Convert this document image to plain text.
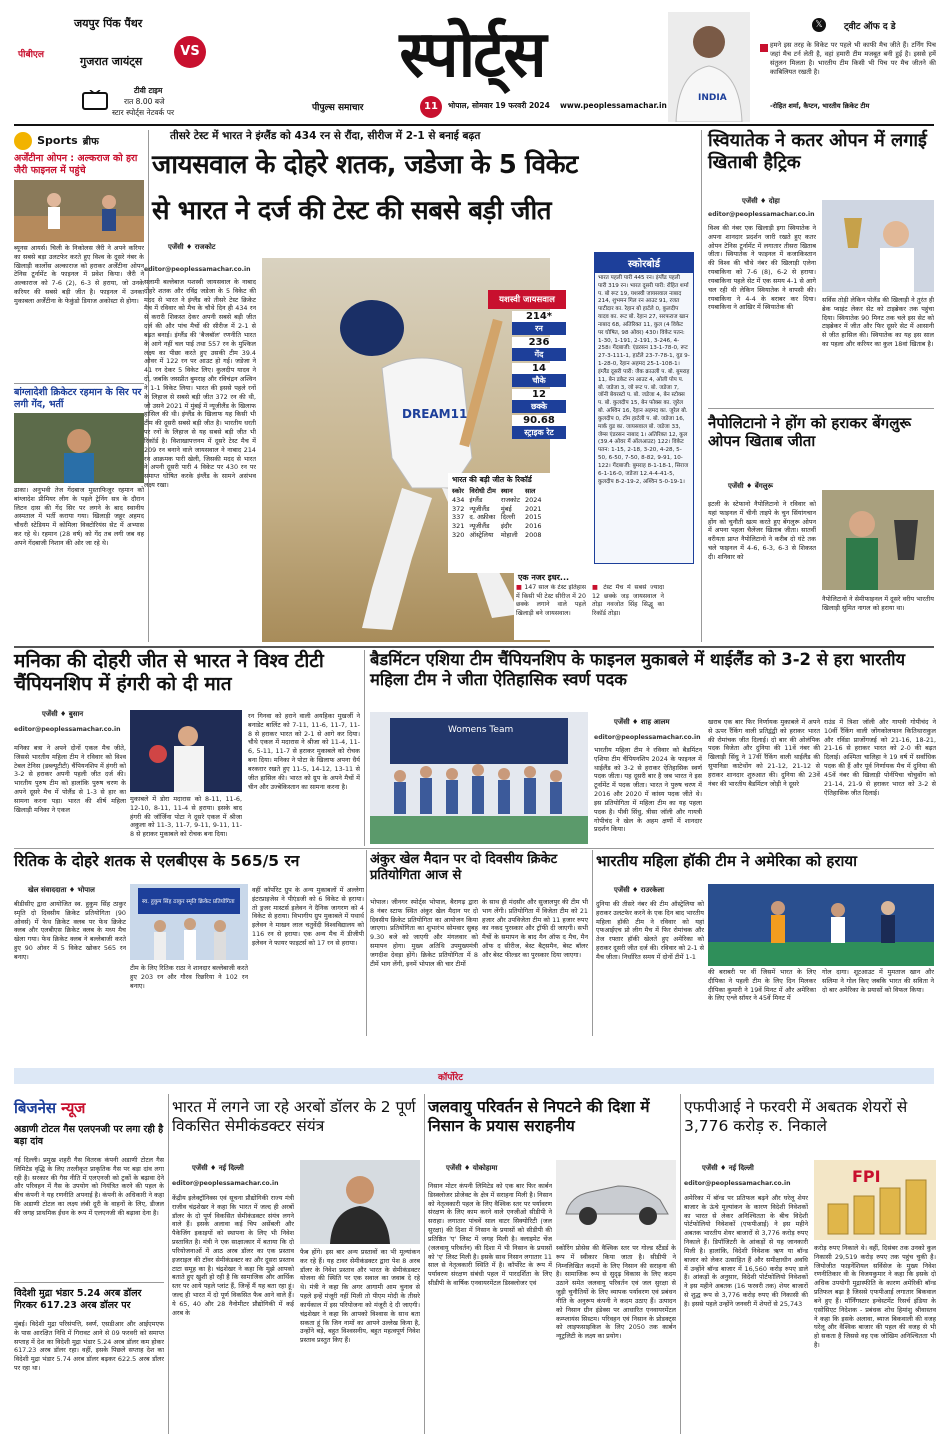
पीबीएल
जयपुर पिंक पैंथर
VS
गुजरात जायंट्स
टीवी टाइम
रात 8.00 बजे
स्टार स्पोर्ट्स नेटवर्क पर
स्पोर्ट्स
पीपुल्स समाचार	11	भोपाल, सोमवार 19 फरवरी 2024 www.peoplessamachar.in
INDIA
𝕏	ट्वीट ऑफ द डे
हमने इस तरह के विकेट पर पहले भी काफी मैच जीते हैं। टर्निंग पिच जहां मैच टर्न लेती है, वहां हमारी टीम मजबूत बनी हुई है। इससे हमें संतुलन मिलता है। भारतीय टीम किसी भी पिच पर मैच जीतने की काबिलियत रखती है।
-रोहित शर्मा, कैप्टन, भारतीय क्रिकेट टीम
Sports ब्रीफ
अर्जेंटीना ओपन : अल्कराज को हरा जैरी फाइनल में पहुंचे
ब्यूनस आयर्स। चिली के निकोलस जैरी ने अपने करियर का सबसे बड़ा उलटफेर करते हुए विश्व के दूसरे नंबर के खिलाड़ी कार्लोस अल्काराज को हराकर अर्जेंटीना ओपन टेनिस टूर्नामेंट के फाइनल में प्रवेश किया। जैरी ने अल्काराज को 7-6 (2), 6-3 से हराया, जो उनके करियर की सबसे बड़ी जीत है। फाइनल में उनका मुकाबला अर्जेंटीना के फेकुंडो डियाज अकोस्टा से होगा।
बांग्लादेशी क्रिकेटर रहमान के सिर पर लगी गेंद, भर्ती
ढाका। अनुभवी तेज गेंदबाज मुस्ताफिजुर रहमान को बांग्लादेश प्रीमियर लीग के पहले ट्रेनिंग सत्र के दौरान लिटन दास की गेंद सिर पर लगने के बाद स्थानीय अस्पताल में भर्ती कराया गया। खिलाड़ी जहूर अहमद चौधरी स्टेडियम में कोमिला विक्टोरियंस सेट में अभ्यास कर रहे थे। रहमान (28 वर्ष) को गेंद तब लगी जब वह अपने गेंदबाजी निशान की ओर जा रहे थे।
तीसरे टेस्ट में भारत ने इंग्लैंड को 434 रन से रौंदा, सीरीज में 2-1 से बनाई बढ़त
जायसवाल के दोहरे शतक, जडेजा के 5 विकेट
से भारत ने दर्ज की टेस्ट की सबसे बड़ी जीत
एजेंसी ♦ राजकोट
editor@peoplessamachar.co.in
सलामी बल्लेबाज यशस्वी जायसवाल के नाबाद दोहरे शतक और रविंद्र जडेजा के 5 विकेट की मदद से भारत ने इंग्लैंड को तीसरे टेस्ट क्रिकेट मैच में रविवार को मैच के चौथे दिन ही 434 रन से करारी शिकस्त देकर अपनी सबसे बड़ी जीत दर्ज की और पांच मैचों की सीरीज में 2-1 से बढ़त बनाई। इंग्लैंड की 'बैजबॉल' रणनीति भारत के आगे नहीं चल पाई तथा 557 रन के मुश्किल लक्ष्य का पीछा करते हुए उसकी टीम 39.4 ओवर में 122 रन पर आउट हो गई। जडेजा ने 41 रन देकर 5 विकेट लिए। कुलदीप यादव ने दो, जबकि जसप्रीत बुमराह और रविचंद्रन अश्विन ने 1-1 विकेट लिया। भारत की इससे पहले रनों के लिहाज से सबसे बड़ी जीत 372 रन की थी, जो उसने 2021 में मुंबई में न्यूजीलैंड के खिलाफ हासिल की थी। इंग्लैंड के खिलाफ यह किसी भी टीम की दूसरी सबसे बड़ी जीत है। भारतीय धरती पर रनों के लिहाज से यह सबसे बड़ी जीत भी रिकॉर्ड है। विशाखापत्तनम में दूसरे टेस्ट मैच में 209 रन बनाने वाले जायसवाल ने नाबाद 214 रन आक्रमक पारी खेली, जिसकी मदद से भारत ने अपनी दूसरी पारी 4 विकेट पर 430 रन पर समाप्त घोषित करके इंग्लैंड के सामने असंभव लक्ष्य रखा।
DREAM11
यशस्वी जायसवाल
214*
रन
236
गेंद
14
चौके
12
छक्के
90.68
स्ट्राइक रेट
भारत की बड़ी जीत के रिकॉर्ड
स्कोर	विरोधी टीम	स्थान	साल
434	इंग्लैंड	राजकोट	2024
372	न्यूजीलैंड	मुंबई	2021
337	द. अफ्रीका	दिल्ली	2015
321	न्यूजीलैंड	इंदौर	2016
320	ऑस्ट्रेलिया	मोहाली	2008
एक नजर इधर...
■ 147 साल के टेस्ट इतिहास में किसी भी टेस्ट सीरीज में 20 छक्के लगाने वाले पहले खिलाड़ी बने जायसवाल।
■ टेस्ट मैच में सबसे ज्यादा 12 छक्के जड़ जायसवाल ने तोड़ा नवजोत सिंह सिद्धू का रिकॉर्ड तोड़ा।
स्कोरबोर्ड
भारत पहली पारी 445 रन। इंग्लैंड पहली पारी 319 रन। भारत दूसरी पारी: रोहित शर्मा प. बो रूट 19, यशस्वी जायसवाल नाबाद 214, शुभमन गिल रन आउट 91, रजत पाटीदार का. रेहान बो हार्टले 0, कुलदीप यादव का. रूट बो. रेहान 27, सरफराज खान नाबाद 68, अतिरिक्त 11, कुल (4 विकेट पर घोषित, 98 ओवर) 430। विकेट पतन: 1-30, 1-191, 2-191, 3-246, 4-258। गेंदबाजी: एंडरसन 13-1-78-0, रूट 27-3-111-1, हार्टले 23-7-78-1, वुड 9-1-28-0, रेहान अहमद 25-1-108-1। इंग्लैंड दूसरी पारी: जैक क्राउली प. बो. बुमराह 11, बेन डकेट रन आउट 4, ओली पोप प. बो. जडेजा 3, जो रूट प. बो. जडेजा 7, जॉनी बेयरस्टो प. बो. जडेजा 4, बेन स्टोक्स प. बो. कुलदीप 15, बेन फोक्स का. जुरेल बो. अश्विन 16, रेहान अहमद का. जुरेल बो. कुलदीप 0, टॉम हार्टली प. बो. जडेजा 16, मार्क वुड का. जायसवाल बो. जडेजा 33, जेम्स एंडरसन नाबाद 1। अतिरिक्त 12, कुल (39.4 ओवर में ऑलआउट) 122। विकेट पतन: 1-15, 2-18, 3-20, 4-28, 5-50, 6-50, 7-50, 8-82, 9-91, 10-122। गेंदबाजी: बुमराह 8-1-18-1, सिराज 6-1-16-0, जडेजा 12.4-4-41-5, कुलदीप 8-2-19-2, अश्विन 5-0-19-1।
स्वियातेक ने कतर ओपन में लगाई खिताबी हैट्रिक
एजेंसी ♦ दोहा
editor@peoplessamachar.co.in
विश्व की नंबर एक खिलाड़ी इगा स्वियातेक ने अपना शानदार प्रदर्शन जारी रखते हुए कतर ओपन टेनिस टूर्नामेंट में लगातार तीसरा खिताब जीता। स्वियातेक ने फाइनल में कजाकिस्तान की विश्व की चौथे नंबर की खिलाड़ी एलेना रयबाकिना को 7-6 (8), 6-2 से हराया। रयबाकिना पहले सेट में एक समय 4-1 से आगे चल रही थी लेकिन स्वियातेक ने वापसी की। रयबाकिना ने 4-4 के बराबर कर दिया। रयबाकिना ने आखिर में स्वियातेक की
सर्विस तोड़ी लेकिन पोलैंड की खिलाड़ी ने तुरंत ही ब्रेक प्वाइंट लेकर सेट को टाइब्रेकर तक पहुंचा दिया। स्वियातेक 90 मिनट तक चले इस सेट को टाइब्रेकर में जीत और फिर दूसरे सेट में आसानी से जीत हासिल की। स्वियातेक का यह इस साल का पहला और करियर का कुल 18वां खिताब है।
नैपोलिटानो ने होंग को हराकर बेंगलुरू ओपन खिताब जीता
एजेंसी ♦ बेंगलुरू
इटली के स्टेफानो नैपोलिटानो ने रविवार को यहां फाइनल में चीनी ताइपे के चुन सिंयांगचान होंग को चुनौती खत्म करते हुए बेंगलुरू ओपन में अपना पहला चैलेंजर खिताब जीता। सातवीं वरीयता प्राप्त नैपोलिटानो ने करीब दो घंटे तक चले फाइनल में 4-6, 6-3, 6-3 से शिकस्त दी। शनिवार को
नैपोलिटानो ने सेमीफाइनल में दूसरे वरीय भारतीय खिलाड़ी सुमित नागल को हराया था।
मनिका की दोहरी जीत से भारत ने विश्व टीटी चैंपियनशिप में हंगरी को दी मात
एजेंसी ♦ बुसान
editor@peoplessamachar.co.in
मनिका बत्रा ने अपने दोनों एकल मैच जीते, जिससे भारतीय महिला टीम ने रविवार को विश्व टेबल टेनिस (डब्ल्यूटीटी) चैंपियनशिप में हंगरी को 3-2 से हराकर अपनी पहली जीत दर्ज की। भारतीय पुरुष टीम को हालांकि पुरुष चरण के अपने दूसरे मैच में पोलैंड से 1-3 से हार का सामना करना पड़ा। भारत की शीर्ष महिला खिलाड़ी मनिका ने एकल
मुकाबले में डोरा मदारास को 8-11, 11-6, 12-10, 8-11, 11-4 से हराया। इसके बाद हंगरी की जॉर्जिना पोटा ने दूसरे एकल में श्रीजा अकुला को 11-3, 11-7, 9-11, 9-11, 11-8 से हराकर मुकाबले को रोचक बना दिया।
रन गिनवा को हराने वाली अयहिका मुखर्जी ने बनाडेट बालिंट को 7-11, 11-6, 11-7, 11-8 से हराकर भारत को 2-1 से आगे कर दिया। चौथे एकल में मदारास ने श्रीजा को 11-4, 11-6, 5-11, 11-7 से हराकर मुकाबले को रोचक बना दिया। मनिका ने पोटा के खिलाफ अपना धैर्य बरकरार रखते हुए 11-5, 14-12, 13-11 से जीत हासिल की। भारत को ग्रुप के अपने मैचों में चीन और उज्बेकिस्तान का सामना करना है।
बैडमिंटन एशिया टीम चैंपियनशिप के फाइनल मुकाबले में थाईलैंड को 3-2 से हरा भारतीय महिला टीम ने जीता ऐतिहासिक स्वर्ण पदक
Womens Team
एजेंसी ♦ शाह आलम
editor@peoplessamachar.co.in
भारतीय महिला टीम ने रविवार को बैडमिंटन एशिया टीम चैंपियनशिप 2024 के फाइनल में थाईलैंड को 3-2 से हराकर ऐतिहासिक स्वर्ण पदक जीता। यह दूसरी बार है जब भारत ने इस टूर्नामेंट में पदक जीता। भारत ने पुरुष चरण में 2016 और 2020 में कांस्य पदक जीते थे। इस प्रतियोगिता में महिला टीम का यह पहला पदक है। पीवी सिंधु, त्रीसा जॉली और गायत्री गोपीचंद ने खेल के अहम क्षणों में शानदार प्रदर्शन किया।
खराब एक बार फिर निर्णायक मुकाबले में अपने से ऊपर रैंकिंग वाली प्रतिद्वंद्वी को हराकर भारत की रोमांचक जीत दिलाई। दो बार की ओलंपिक पदक विजेता और दुनिया की 11वें नंबर की खिलाड़ी सिंधु ने 17वीं रैंकिंग वाली थाईलैंड की सुपानिडा काटेथोंग को 21-12, 21-12 से हराकर शानदार शुरुआत की। दुनिया की 23वें नंबर की भारतीय बैडमिंटन जोड़ी ने दूसरे
राउंड में त्रिशा जॉली और गायत्री गोपीचंद ने 10वीं रैंकिंग वाली जोंगकोलफान कितिथाराकुल और रविंडा प्राजोंगजई को 21-16, 18-21, 21-16 से हराकर भारत को 2-0 की बढ़त दिलाई। अश्मिता चालिहा ने 19 वर्ष में सर्वाधिक पदक की हैं और पूर्व निर्णायक मैच में दुनिया की 45वें नंबर की खिलाड़ी पोर्नपिचा चोचुवोंग को 21-14, 21-9 से हराकर भारत को 3-2 से ऐतिहासिक जीत दिलाई।
रितिक के दोहरे शतक से एलबीएस के 565/5 रन
खेल संवाददाता ♦ भोपाल
बीडीसीए द्वारा आयोजित स्व. हुकुम सिंह ठाकुर स्मृति दो दिवसीय क्रिकेट प्रतियोगिता (90 ओवर्स) में फेथ क्रिकेट क्लब पर फेथ क्रिकेट क्लब और एलबीएस क्रिकेट क्लब के मध्य मैच खेला गया। फेथ क्रिकेट क्लब ने बल्लेबाजी करते हुए 90 ओवर में 5 विकेट खोकर 565 रन बनाए।
स्व. हुकुम सिंह ठाकुर स्मृति क्रिकेट प्रतियोगिता
टीम के लिए रितिक राठा ने शानदार बल्लेबाजी करते हुए 203 रन और गौरव रिछरिया ने 102 रन बनाए।
वहीं कॉर्पोरेट ग्रुप के अन्य मुकाबलों में अल्लेगा इंटरप्राइजेस ने पीएंडजी को 6 विकेट से हराया। तो ड्रजर मास्टर्स इलेवन ने दैनिक जागरण को 4 विकेट से हराया। विभागीय ग्रुप मुकाबले में यथार्थ इलेवन ने माखन लाल चतुर्वेदी विश्वविद्यालय को 116 रन से हराया। एक अन्य मैच में डीजीपी इलेवन ने फायर फाइटर्स को 17 रन से हराया।
अंकुर खेल मैदान पर दो दिवसीय क्रिकेट प्रतियोगिता आज से
भोपाल। जीनगर स्पोर्ट्स भोपाल, बैरागढ़ द्वारा 8 नंबर स्टाफ स्थित अंकुर खेल मैदान पर दो दिवसीय क्रिकेट प्रतियोगिता का आयोजन किया जाएगा। प्रतियोगिता का शुभारंभ सोमवार सुबह 9.30 बजे को जाएगी और मंगलवार को समापन होगा। मुख्य अतिथि उपमुख्यमंत्री जगदीश देवड़ा होंगे। क्रिकेट प्रतियोगिता में 8 टीमें भाग लेंगी, इनमें भोपाल की चार टीमों
के साथ ही मंदसौर और सुजालपुर की टीम भी भाग लेंगी। प्रतियोगिता में विजेता टीम को 21 हजार और उपविजेता टीम को 11 हजार रुपए का नकद पुरस्कार और ट्रॉफी दी जाएगी। सभी मैचों के समापन के बाद मैन ऑफ द मैच, मैन ऑफ द सीरीज, बेस्ट बैट्समैन, बेस्ट बॉलर और बेस्ट फील्डर का पुरस्कार दिया जाएगा।
भारतीय महिला हॉकी टीम ने अमेरिका को हराया
एजेंसी ♦ राउरकेला
दुनिया की तीसरे नंबर की टीम ऑस्ट्रेलिया को हराकर उलटफेर करने के एक दिन बाद भारतीय महिला हॉकी टीम ने रविवार को यहां एफआईएच प्रो लीग मैच में फिर रोमांचक और तेज रफ्तार हॉकी खेलते हुए अमेरिका को हराकर दूसरी जीत दर्ज की। रविवार को 2-1 से मैच जीता। निर्धारित समय में दोनों टीमें 1-1
की बराबरी पर थीं जिसमें भारत के लिए दीपिका ने पहली टीम के लिए दिन मिलकर दीपिका कुमारी ने 19वें मिनट में और अमेरिका के लिए एश्ले सॉयर ने 45वें मिनट में
गोल दागा। शूटआउट में मुमताज खान और सलिमा ने गोल किए जबकि भारत की सविता ने दो बार अमेरिका के प्रयासों को विफल किया।
कॉर्पोरेट
बिजनेस न्यूज
अडाणी टोटल गैस एलएनजी पर लगा रही है बड़ा दांव
नई दिल्ली। प्रमुख शहरी गैस वितरक कंपनी अडाणी टोटल गैस लिमिटेड वृद्धि के लिए तरलीकृत प्राकृतिक गैस पर बड़ा दांव लगा रही है। सरकार की गैस नीति में एलएनजी को ट्रकों के बढ़ावा देने और परिवहन में गैस के उपयोग को नियंत्रित करने की पहल के बीच कंपनी ने यह रणनीति अपनाई है। कंपनी के अधिकारी ने कहा कि अडाणी टोटल का लक्ष्य लंबी दूरी के वाहनों के लिए, डीजल की जगह प्राथमिक ईंधन के रूप में एलएनजी की बढ़ावा देना है।
विदेशी मुद्रा भंडार 5.24 अरब डॉलर गिरकर 617.23 अरब डॉलर पर
मुंबई। विदेशी मुद्रा परिसंपत्ति, स्वर्ण, एसडीआर और आईएमएफ के पास आरक्षित निधि में गिरावट आने से 09 फरवरी को समाप्त सप्ताह में देश का विदेशी मुद्रा भंडार 5.24 अरब डॉलर कम होकर 617.23 अरब डॉलर रहा। वहीं, इसके पिछले सप्ताह देश का विदेशी मुद्रा भंडार 5.74 अरब डॉलर बढ़कर 622.5 अरब डॉलर पर रहा था।
भारत में लगने जा रहे अरबों डॉलर के 2 पूर्ण विकसित सेमीकंडक्टर संयंत्र
एजेंसी ♦ नई दिल्ली
editor@peoplessamachar.co.in
केंद्रीय इलेक्ट्रॉनिक्स एवं सूचना प्रौद्योगिकी राज्य मंत्री राजीव चंद्रशेखर ने कहा कि भारत में जल्द ही अरबों डॉलर के दो पूर्ण विकसित सेमीकंडक्टर संयंत्र लगने वाले हैं। इसके अलावा कई चिप असेंबली और पैकेजिंग इकाइयों को स्थापना के लिए भी निवेश प्रस्तावित है। मंत्री ने एक साक्षात्कार में बताया कि दो परियोजनाओं में आठ अरब डॉलर का एक प्रस्ताव इजराइल की टॉवर सेमीकंडक्टर का और दूसरा प्रस्ताव टाटा समूह का है। चंद्रशेखर ने कहा कि मुझे आपको बताते हुए खुशी हो रही है कि सामाजिक और आर्थिक स्तर पर आये पहले प्लांट हैं, जिन्हें मैं यह बता रहा हूं। जल्द ही भारत में दो पूर्ण विकसित फैब आने वाले हैं। ये 65, 40 और 28 नैनोमीटर प्रौद्योगिकी में कई अरब के
फैब होंगे। इस बार अन्य प्रस्तावों का भी मूल्यांकन कर रहे हैं। यह टावर सेमीकंडक्टर द्वारा पेश 8 अरब डॉलर के निवेश प्रस्ताव और भारत के सेमीकंडक्टर योजना की स्थिति पर एक सवाल का जवाब दे रहे थे। मंत्री ने कहा कि अगर आगामी आम चुनाव से पहले इन्हें मंजूरी नहीं मिली तो पीएम मोदी के तीसरे कार्यकाल में इस परियोजना को मंजूरी दे दी जाएगी। चंद्रशेखर ने कहा कि आपको विश्वास के साथ बता सकता हूं कि जिन नामों का आपने उल्लेख किया है, उन्होंने बड़े, बहुत विश्वसनीय, बहुत महत्वपूर्ण निवेश प्रस्ताव प्रस्तुत किए हैं।
जलवायु परिवर्तन से निपटने की दिशा में निसान के प्रयास सराहनीय
एजेंसी ♦ योकोहामा
निसान मोटर कंपनी लिमिटेड को एक बार फिर कार्बन डिस्क्लोजर प्रोजेक्ट के क्षेत्र में सराहना मिली है। निसान को नेतृत्वकारी पहल के लिए वैश्विक स्तर पर पर्यावरण संरक्षण के लिए काम करने वाले एनजीओ सीडीपी ने सराहा। लगातार पांचवें साल वाटर सिक्योरिटी (जल सुरक्षा) की दिशा में निसान के प्रयासों को सीडीपी की प्रतिष्ठित 'ए' लिस्ट में जगह मिली है। क्लाइमेट चेंज (जलवायु परिवर्तन) की दिशा में भी निसान के प्रयासों को 'ए' लिस्ट मिली है। इसके साथ निसान लगातार 11 साल से नेतृत्वकारी स्थिति में है। कॉर्पोरेट के रूप में पर्यावरण संरक्षण संबंधी पहल में पारदर्शिता के लिए सीडीपी के वार्षिक एनवायरमेंटल डिस्क्लोजर एवं
स्कोरिंग प्रोसेस की वैश्विक स्तर पर गोल्ड स्टैंडर्ड के रूप में स्वीकार किया जाता है। सीडीपी ने निम्नलिखित कदमों के लिए निसान की सराहना की है। सामाजिक रूप से सुदृढ़ विकास के लिए कदम उठाने समेत जलवायु परिवर्तन एवं जल सुरक्षा से जुड़ी चुनौतियों के लिए व्यापक पर्यावरण एवं प्रबंधन नीति के अनुरूप कंपनी ने कदम उठाए हैं। उत्पादन को निसान ग्रीन इंडेक्स पर आधारित एनवायरमेंटल कम्प्लायंस सिस्टम। परिवहन एवं निसान के प्रोडक्ट्स को लाइफसाइकिल के लिए 2050 तक कार्बन न्यूट्रलिटी के लक्ष्य का प्रयोग।
एफपीआई ने फरवरी में अबतक शेयरों से 3,776 करोड़ रु. निकाले
एजेंसी ♦ नई दिल्ली
editor@peoplessamachar.co.in
अमेरिका में बॉन्ड पर प्रतिफल बढ़ने और घरेलू शेयर बाजार के ऊंचे मूल्यांकन के कारण विदेशी निवेशकों का भारत से लेकर अनिश्चितता के बीच विदेशी पोर्टफोलियो निवेशकों (एफपीआई) ने इस महीने अबतक भारतीय शेयर बाजारों से 3,776 करोड़ रुपए निकाले हैं। डिपॉजिटरी के आंकड़ों से यह जानकारी मिली है। हालांकि, विदेशी निवेशक ऋण या बॉन्ड बाजार को लेकर उत्साहित हैं और समीक्षाधीन अवधि में उन्होंने बॉन्ड बाजार में 16,560 करोड़ रुपए डाले हैं। आंकड़ों के अनुसार, विदेशी पोर्टफोलियो निवेशकों ने इस महीने अबतक (16 फरवरी तक) शेयर बाजारों से शुद्ध रूप से 3,776 करोड़ रुपए की निकासी की है। इससे पहले उन्होंने जनवरी में शेयरों से 25,743
FPI
करोड़ रुपए निकाले थे। वहीं, दिसंबर तक उनको कुल निकासी 29,519 करोड़ रुपए तक पहुंच चुकी है। जियोजीत फाइनेंशियल सर्विसेज के मुख्य निवेश रणनीतिकार वी के विजयकुमार ने कहा कि इसके दो अधिक उपयोगी मुद्रास्फीति के कारण अमेरिकी बॉन्ड प्रतिफल बढ़ा है जिससे एफपीआई लगातार बिकवाल बने हुए हैं। मॉर्निंगस्टार इन्वेस्टमेंट रिसर्च इंडिया के एसोसिएट निदेशक - प्रबंधक शोध हिमांशु श्रीवास्तव ने कहा कि इसके अलावा, ब्याज बिकवाली की वजह घरेलू और वैश्विक बाजार की पहल की वजह से भी हो सकता है जिससे वह एक जोखिम अनिश्चितता भी है।
